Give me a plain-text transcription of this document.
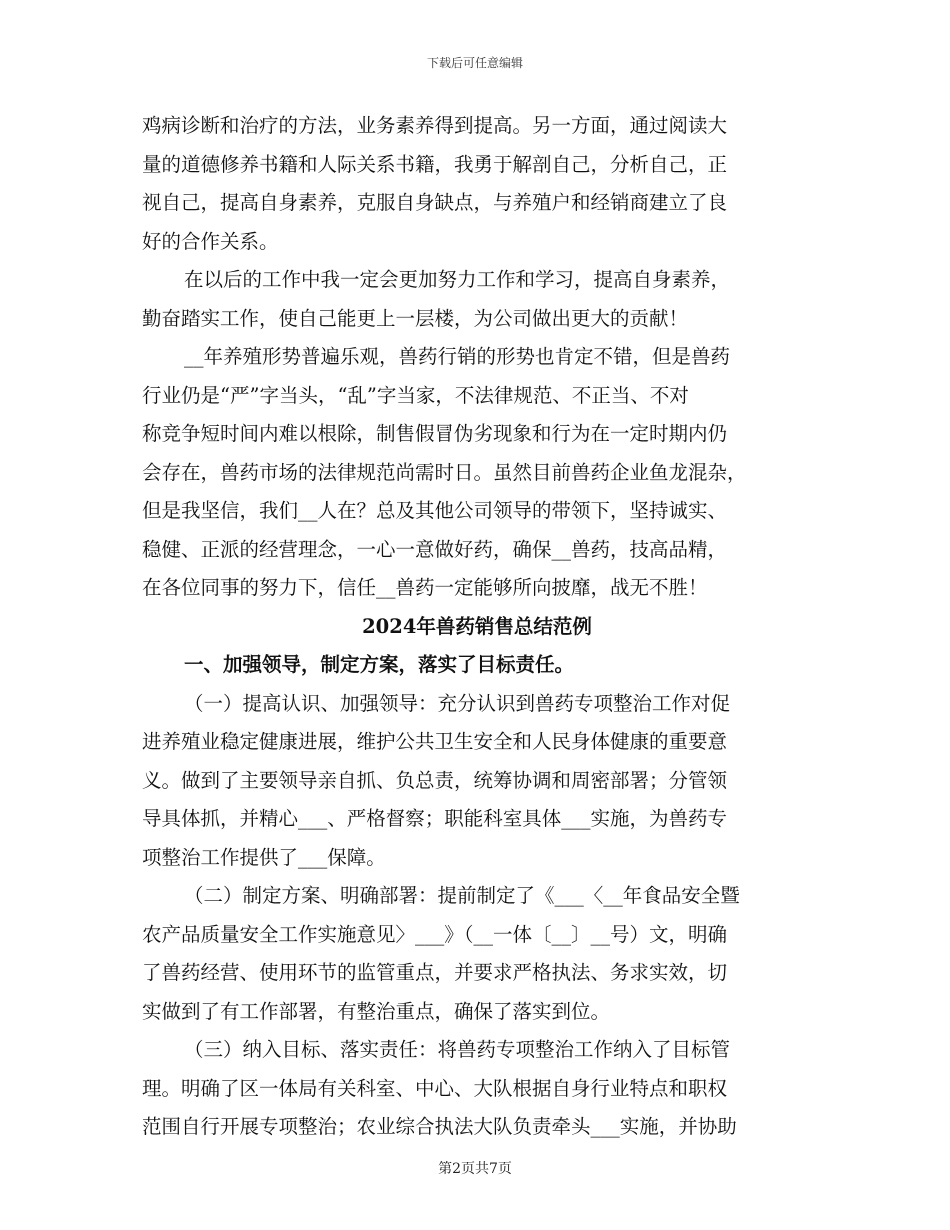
下载后可任意编辑
鸡病诊断和治疗的方法，业务素养得到提高。另一方面，通过阅读大
量的道德修养书籍和人际关系书籍，我勇于解剖自己，分析自己，正
视自己，提高自身素养，克服自身缺点，与养殖户和经销商建立了良
好的合作关系。
在以后的工作中我一定会更加努力工作和学习，提高自身素养，
勤奋踏实工作，使自己能更上一层楼，为公司做出更大的贡献！
__年养殖形势普遍乐观，兽药行销的形势也肯定不错，但是兽药
行业仍是“严”字当头，“乱”字当家，不法律规范、不正当、不对
称竞争短时间内难以根除，制售假冒伪劣现象和行为在一定时期内仍
会存在，兽药市场的法律规范尚需时日。虽然目前兽药企业鱼龙混杂，
但是我坚信，我们__人在？总及其他公司领导的带领下，坚持诚实、
稳健、正派的经营理念，一心一意做好药，确保__兽药，技高品精，
在各位同事的努力下，信任__兽药一定能够所向披靡，战无不胜！
2024年兽药销售总结范例
一、加强领导，制定方案，落实了目标责任。
（一）提高认识、加强领导：充分认识到兽药专项整治工作对促
进养殖业稳定健康进展，维护公共卫生安全和人民身体健康的重要意
义。做到了主要领导亲自抓、负总责，统筹协调和周密部署；分管领
导具体抓，并精心___、严格督察；职能科室具体___实施，为兽药专
项整治工作提供了___保障。
（二）制定方案、明确部署：提前制定了《___〈__年食品安全暨
农产品质量安全工作实施意见〉___》（__一体〔__〕__号）文，明确
了兽药经营、使用环节的监管重点，并要求严格执法、务求实效，切
实做到了有工作部署，有整治重点，确保了落实到位。
（三）纳入目标、落实责任：将兽药专项整治工作纳入了目标管
理。明确了区一体局有关科室、中心、大队根据自身行业特点和职权
范围自行开展专项整治；农业综合执法大队负责牵头___实施，并协助
第2页共7页
